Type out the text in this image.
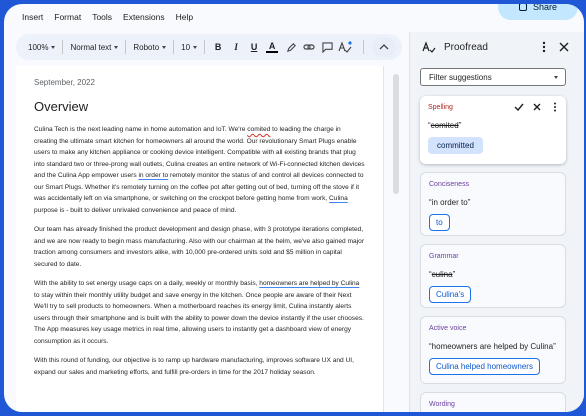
Insert Format Tools Extensions Help
Share
100%	Normal text	Roboto	10	B	I	U	A
September, 2022
Overview

Culina Tech is the next leading name in home automation and IoT. We're comited to leading the charge in creating the ultimate smart kitchen for homeowners all around the world. Our revolutionary Smart Plugs enable users to make any kitchen appliance or cooking device intelligent. Compatible with all existing brands that plug into standard two or three-prong wall outlets, Culina creates an entire network of Wi-Fi-connected kitchen devices and the Culina App empower users in order to remotely monitor the status of and control all devices connected to our Smart Plugs. Whether it's remotely turning on the coffee pot after getting out of bed, turning off the stove if it was accidentally left on via smartphone, or switching on the crockpot before getting home from work, Culina purpose is - built to deliver unrivaled convenience and peace of mind.

Our team has already finished the product development and design phase, with 3 prototype iterations completed, and we are now ready to begin mass manufacturing. Also with our chairman at the helm, we've also gained major traction among consumers and investors alike, with 10,000 pre-ordered units sold and $5 million in capital secured to date.

With the ability to set energy usage caps on a daily, weekly or monthly basis, homeowners are helped by Culina to stay within their monthly utility budget and save energy in the kitchen. Once people are aware of their Next We'll try to sell products to homeowners. When a motherboard reaches its energy limit, Culina instantly alerts users through their smartphone and is built with the ability to power down the device instantly if the user chooses. The App measures key usage metrics in real time, allowing users to instantly get a dashboard view of energy consumption as it occurs.

With this round of funding, our objective is to ramp up hardware manufacturing, improves software UX and UI, expand our sales and marketing efforts, and fulfill pre-orders in time for the 2017 holiday season.

Proofread
Filter suggestions
Spelling
“comited”
committed
Conciseness
“in order to”
to
Grammar
“culina”
Culina's
Active voice
“homeowners are helped by Culina”
Culina helped homeowners
Wording
